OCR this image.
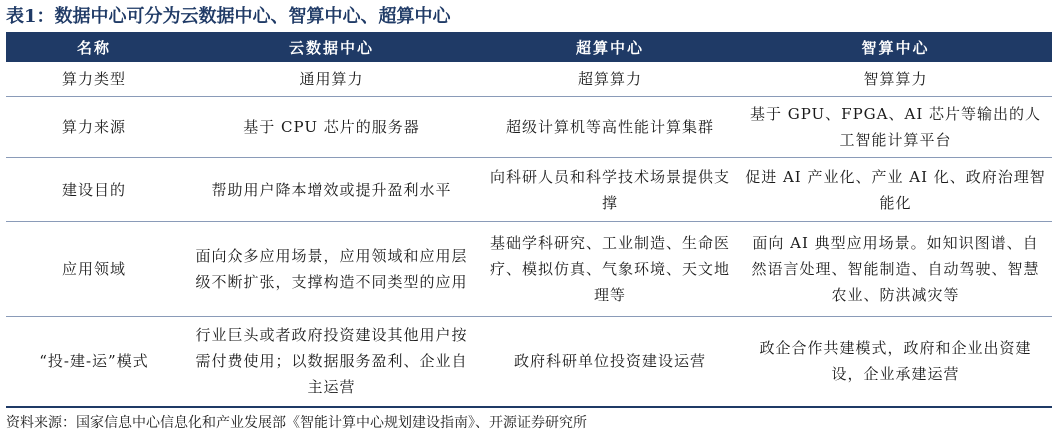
表1：数据中心可分为云数据中心、智算中心、超算中心
名称	云数据中心	超算中心	智算中心
算力类型	通用算力	超算算力	智算算力
算力来源	基于 CPU 芯片的服务器	超级计算机等高性能计算集群	基于 GPU、FPGA、AI 芯片等输出的人工智能计算平台
建设目的	帮助用户降本增效或提升盈利水平	向科研人员和科学技术场景提供支撑	促进 AI 产业化、产业 AI 化、政府治理智能化
应用领域	面向众多应用场景，应用领域和应用层级不断扩张，支撑构造不同类型的应用	基础学科研究、工业制造、生命医疗、模拟仿真、气象环境、天文地理等	面向 AI 典型应用场景。如知识图谱、自然语言处理、智能制造、自动驾驶、智慧农业、防洪减灾等
“投-建-运”模式	行业巨头或者政府投资建设其他用户按需付费使用；以数据服务盈利、企业自主运营	政府科研单位投资建设运营	政企合作共建模式，政府和企业出资建设，企业承建运营
资料来源：国家信息中心信息化和产业发展部《智能计算中心规划建设指南》、开源证券研究所
